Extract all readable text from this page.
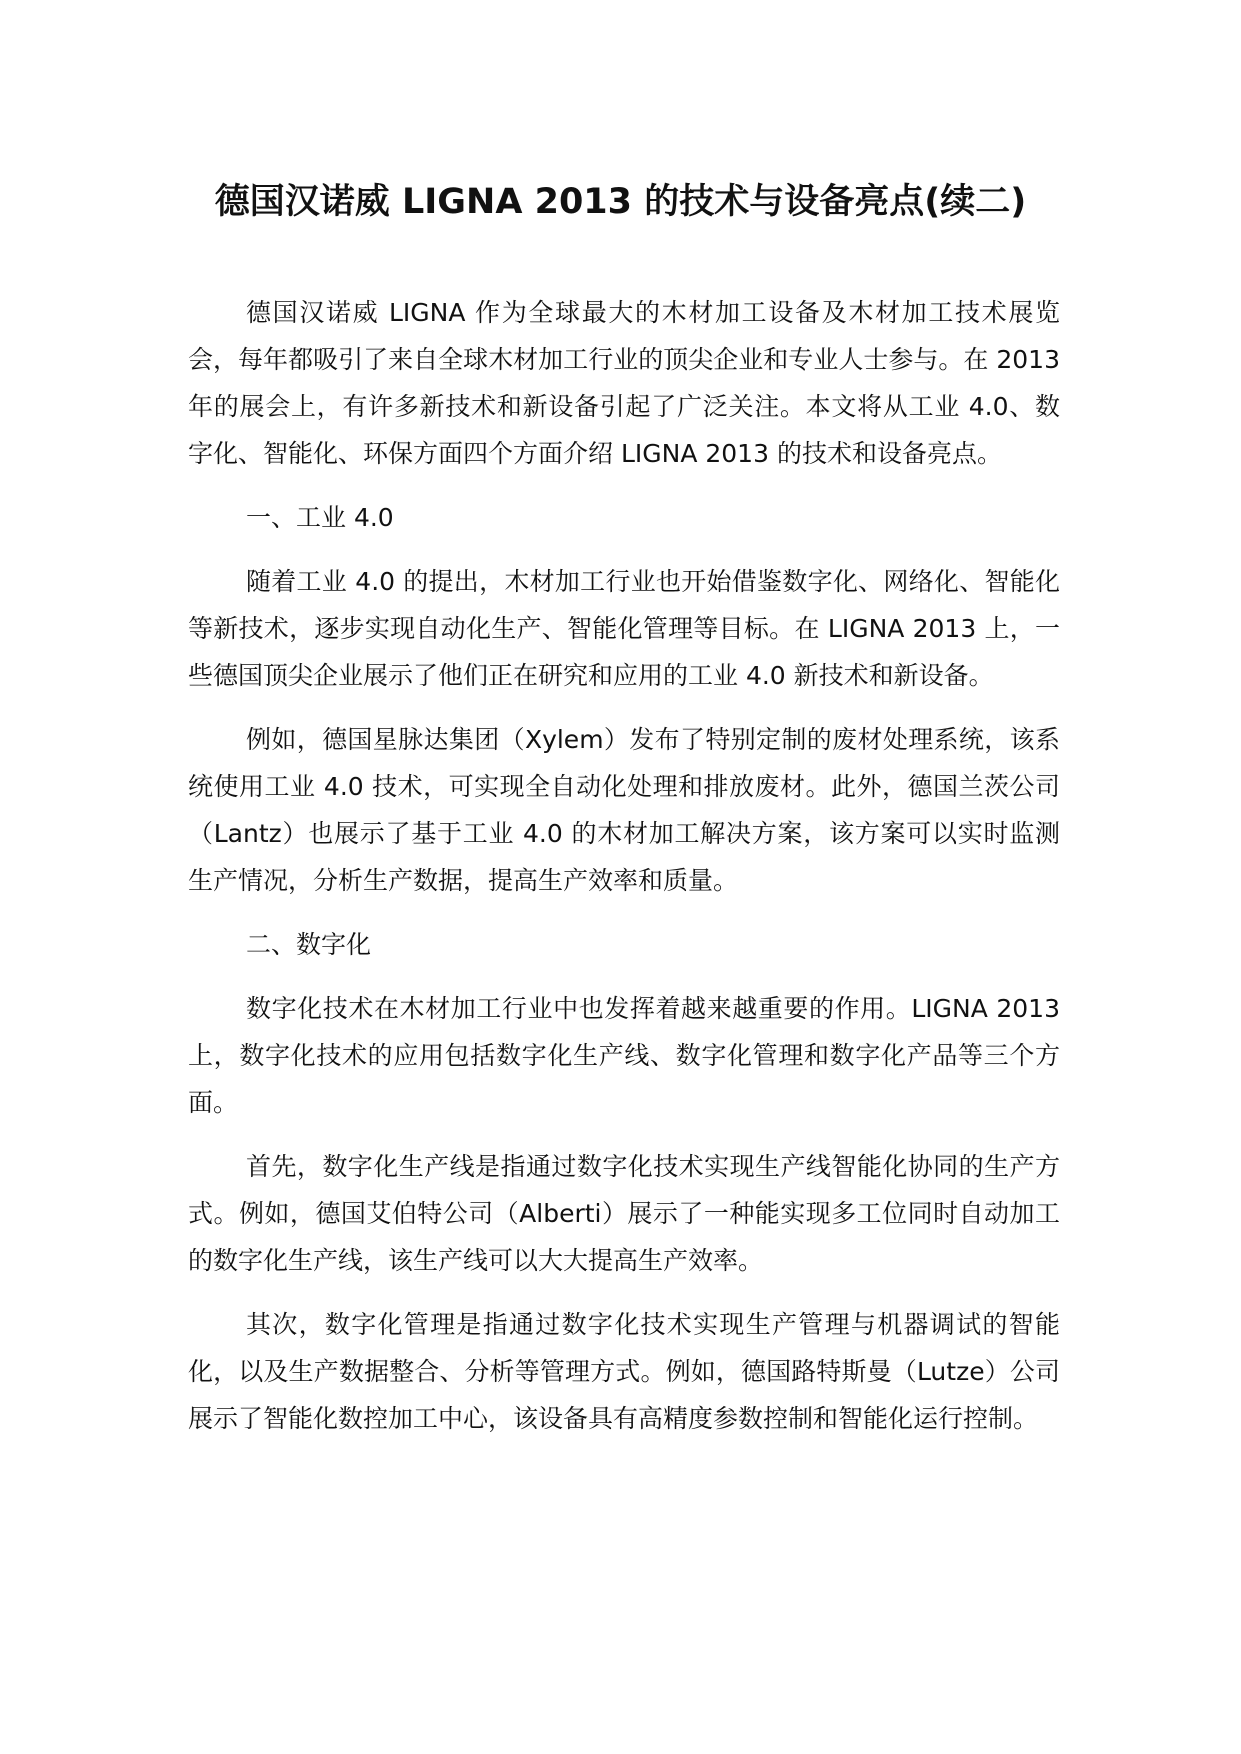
德国汉诺威 LIGNA 2013 的技术与设备亮点(续二)

德国汉诺威 LIGNA 作为全球最大的木材加工设备及木材加工技术展览会，每年都吸引了来自全球木材加工行业的顶尖企业和专业人士参与。在 2013 年的展会上，有许多新技术和新设备引起了广泛关注。本文将从工业 4.0、数字化、智能化、环保方面四个方面介绍 LIGNA 2013 的技术和设备亮点。

一、工业 4.0

随着工业 4.0 的提出，木材加工行业也开始借鉴数字化、网络化、智能化等新技术，逐步实现自动化生产、智能化管理等目标。在 LIGNA 2013 上，一些德国顶尖企业展示了他们正在研究和应用的工业 4.0 新技术和新设备。

例如，德国星脉达集团（Xylem）发布了特别定制的废材处理系统，该系统使用工业 4.0 技术，可实现全自动化处理和排放废材。此外，德国兰茨公司（Lantz）也展示了基于工业 4.0 的木材加工解决方案，该方案可以实时监测生产情况，分析生产数据，提高生产效率和质量。

二、数字化

数字化技术在木材加工行业中也发挥着越来越重要的作用。LIGNA 2013 上，数字化技术的应用包括数字化生产线、数字化管理和数字化产品等三个方面。

首先，数字化生产线是指通过数字化技术实现生产线智能化协同的生产方式。例如，德国艾伯特公司（Alberti）展示了一种能实现多工位同时自动加工的数字化生产线，该生产线可以大大提高生产效率。

其次，数字化管理是指通过数字化技术实现生产管理与机器调试的智能化，以及生产数据整合、分析等管理方式。例如，德国路特斯曼（Lutze）公司展示了智能化数控加工中心，该设备具有高精度参数控制和智能化运行控制。
